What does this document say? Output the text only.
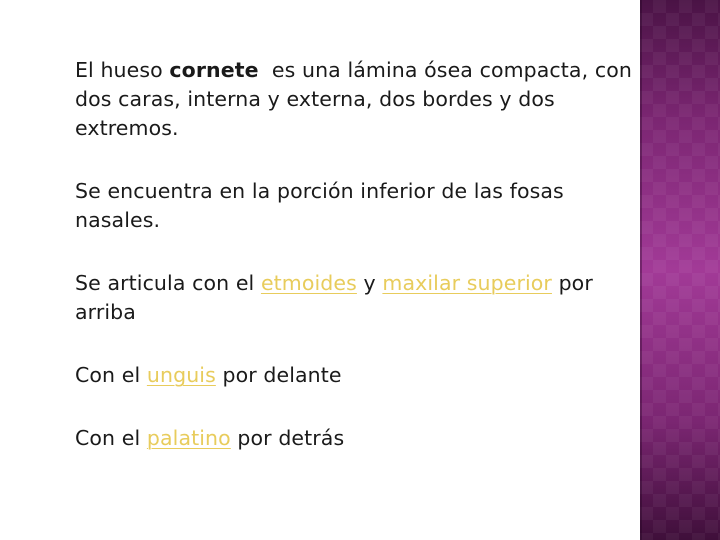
El hueso cornete  es una lámina ósea compacta, con dos caras, interna y externa, dos bordes y dos extremos.

Se encuentra en la porción inferior de las fosas nasales.

Se articula con el etmoides y maxilar superior por arriba

Con el unguis por delante

Con el palatino por detrás
